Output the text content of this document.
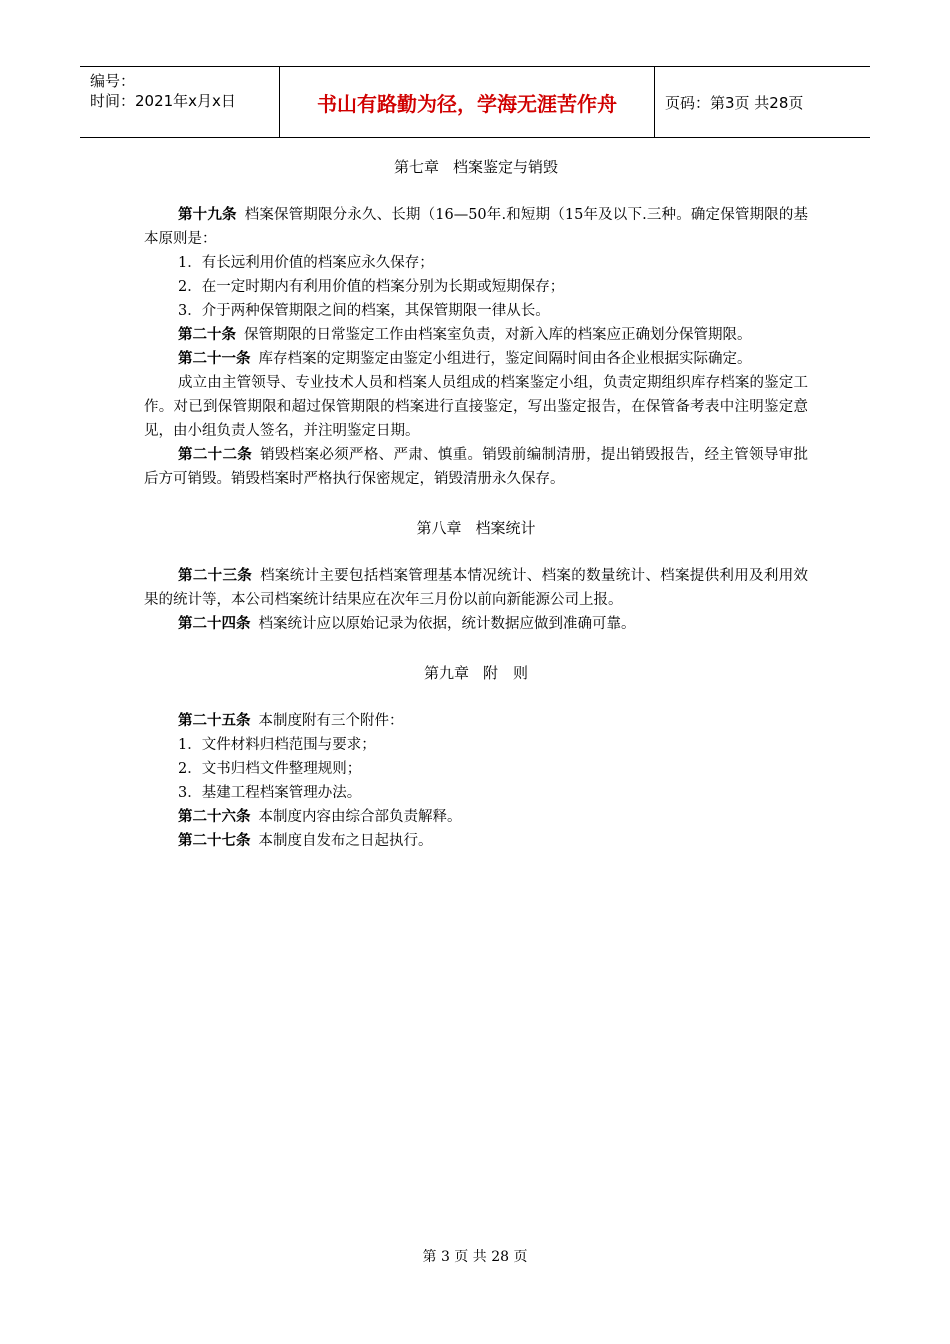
编号：
时间：2021年x月x日	书山有路勤为径，学海无涯苦作舟	页码：第3页 共28页

第七章 档案鉴定与销毁

第十九条 档案保管期限分永久、长期（16—50年.和短期（15年及以下.三种。确定保管期限的基本原则是：

1．有长远利用价值的档案应永久保存；

2．在一定时期内有利用价值的档案分别为长期或短期保存；

3．介于两种保管期限之间的档案，其保管期限一律从长。

第二十条 保管期限的日常鉴定工作由档案室负责，对新入库的档案应正确划分保管期限。

第二十一条 库存档案的定期鉴定由鉴定小组进行，鉴定间隔时间由各企业根据实际确定。

成立由主管领导、专业技术人员和档案人员组成的档案鉴定小组，负责定期组织库存档案的鉴定工作。对已到保管期限和超过保管期限的档案进行直接鉴定，写出鉴定报告，在保管备考表中注明鉴定意见，由小组负责人签名，并注明鉴定日期。

第二十二条 销毁档案必须严格、严肃、慎重。销毁前编制清册，提出销毁报告，经主管领导审批后方可销毁。销毁档案时严格执行保密规定，销毁清册永久保存。

第八章 档案统计

第二十三条 档案统计主要包括档案管理基本情况统计、档案的数量统计、档案提供利用及利用效果的统计等，本公司档案统计结果应在次年三月份以前向新能源公司上报。

第二十四条 档案统计应以原始记录为依据，统计数据应做到准确可靠。

第九章 附　则

第二十五条 本制度附有三个附件：

1．文件材料归档范围与要求；

2．文书归档文件整理规则；

3．基建工程档案管理办法。

第二十六条 本制度内容由综合部负责解释。

第二十七条 本制度自发布之日起执行。

第 3 页 共 28 页
